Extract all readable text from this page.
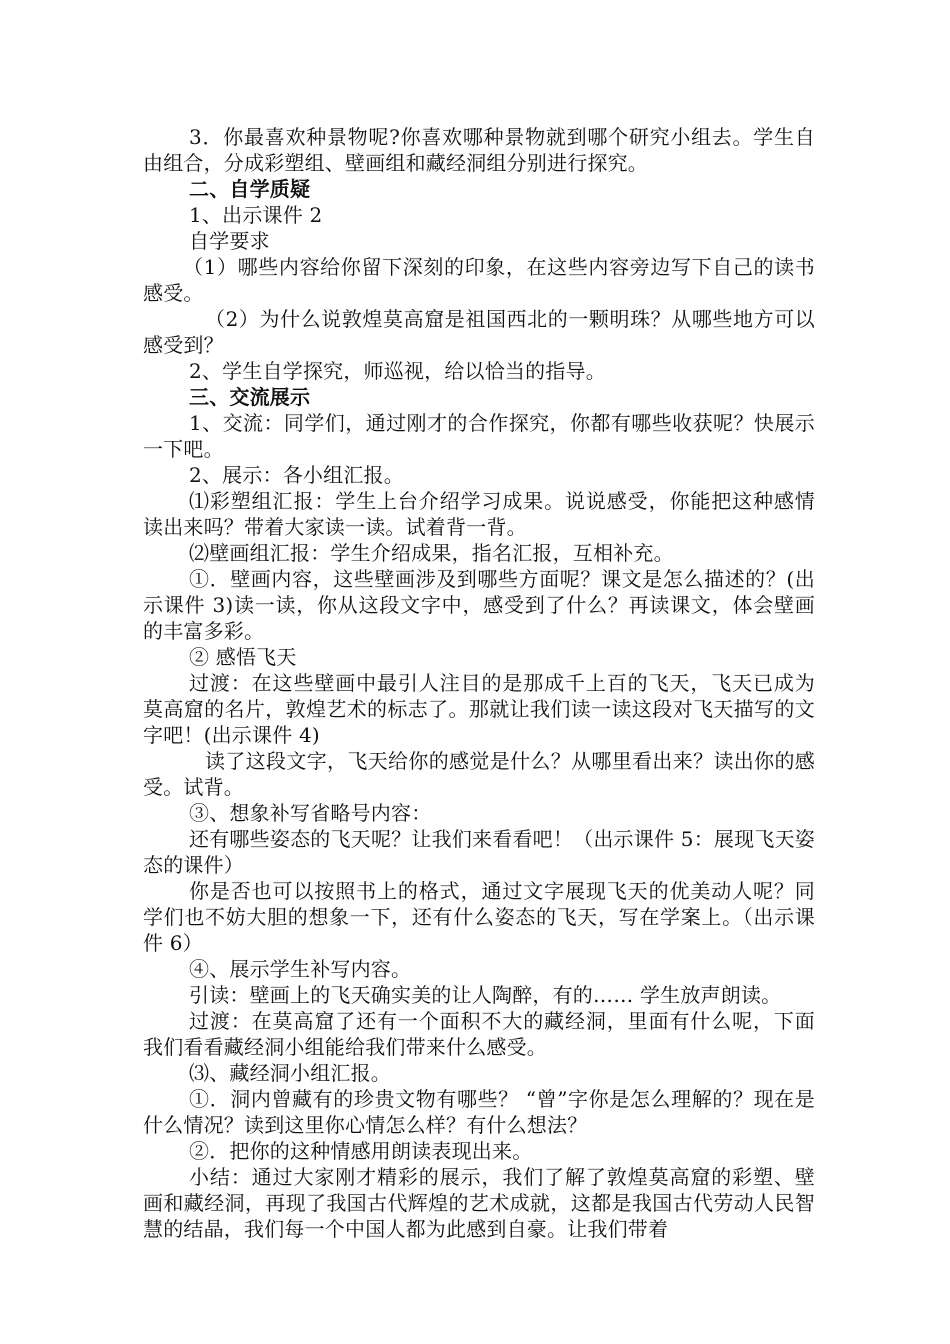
3．你最喜欢种景物呢?你喜欢哪种景物就到哪个研究小组去。学生自由组合，分成彩塑组、壁画组和藏经洞组分别进行探究。

二、自学质疑

1、出示课件 2

自学要求

（1）哪些内容给你留下深刻的印象，在这些内容旁边写下自己的读书感受。

（2）为什么说敦煌莫高窟是祖国西北的一颗明珠？从哪些地方可以感受到？

2、学生自学探究，师巡视，给以恰当的指导。

三、交流展示

1、交流：同学们，通过刚才的合作探究，你都有哪些收获呢？快展示一下吧。

2、展示：各小组汇报。

⑴彩塑组汇报：学生上台介绍学习成果。说说感受，你能把这种感情读出来吗？带着大家读一读。试着背一背。

⑵壁画组汇报：学生介绍成果，指名汇报，互相补充。

①．壁画内容，这些壁画涉及到哪些方面呢？课文是怎么描述的？(出示课件 3)读一读，你从这段文字中，感受到了什么？再读课文，体会壁画的丰富多彩。

② 感悟飞天

过渡：在这些壁画中最引人注目的是那成千上百的飞天，飞天已成为莫高窟的名片，敦煌艺术的标志了。那就让我们读一读这段对飞天描写的文字吧！(出示课件 4)

读了这段文字，飞天给你的感觉是什么？从哪里看出来？读出你的感受。试背。

③、想象补写省略号内容：

还有哪些姿态的飞天呢？让我们来看看吧！（出示课件 5：展现飞天姿态的课件）

你是否也可以按照书上的格式，通过文字展现飞天的优美动人呢？同学们也不妨大胆的想象一下，还有什么姿态的飞天，写在学案上。（出示课件 6）

④、展示学生补写内容。

引读：壁画上的飞天确实美的让人陶醉，有的…… 学生放声朗读。

过渡：在莫高窟了还有一个面积不大的藏经洞，里面有什么呢，下面我们看看藏经洞小组能给我们带来什么感受。

⑶、藏经洞小组汇报。

①．洞内曾藏有的珍贵文物有哪些？ “曾”字你是怎么理解的？现在是什么情况？读到这里你心情怎么样？有什么想法？

②．把你的这种情感用朗读表现出来。

小结：通过大家刚才精彩的展示，我们了解了敦煌莫高窟的彩塑、壁画和藏经洞，再现了我国古代辉煌的艺术成就，这都是我国古代劳动人民智慧的结晶，我们每一个中国人都为此感到自豪。让我们带着
